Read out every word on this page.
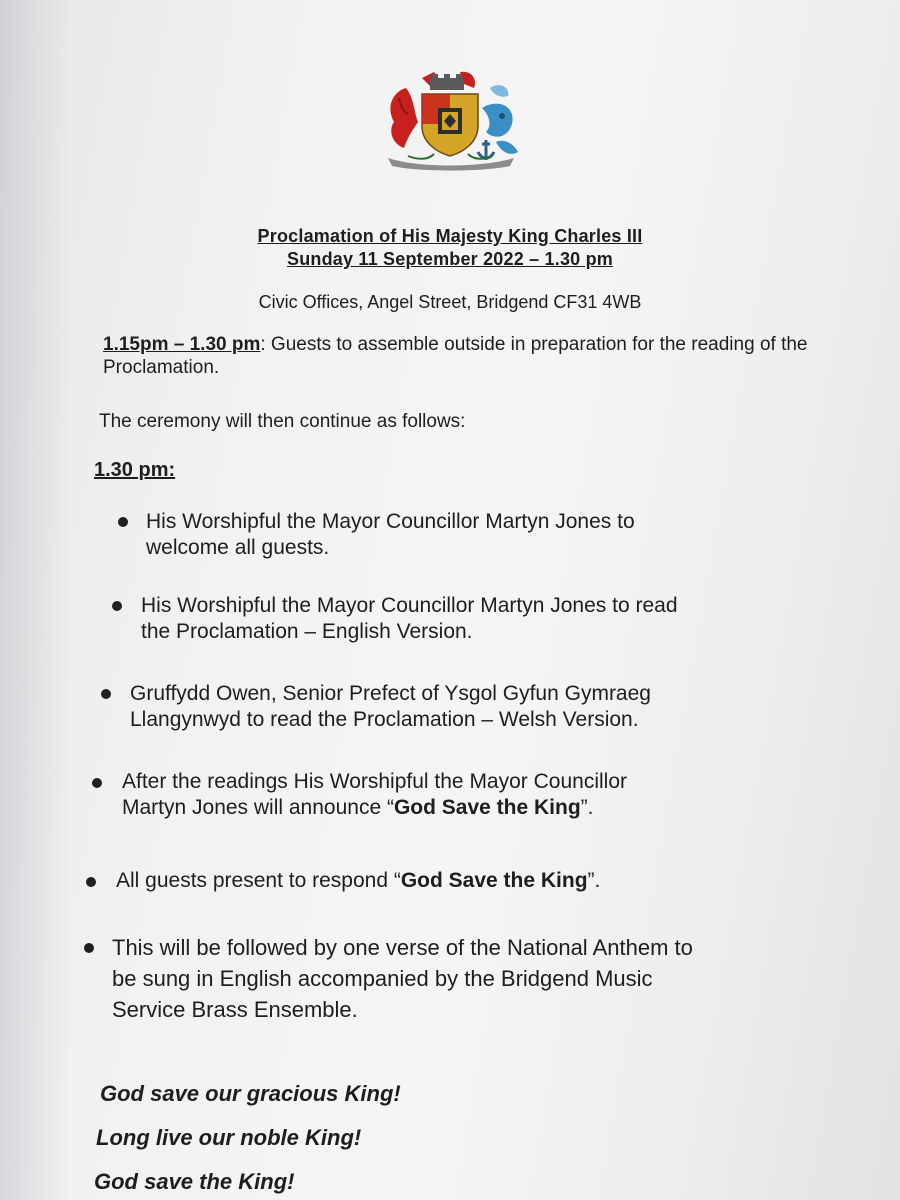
Proclamation of His Majesty King Charles III
Sunday 11 September 2022 – 1.30 pm
Civic Offices, Angel Street, Bridgend CF31 4WB
1.15pm – 1.30 pm: Guests to assemble outside in preparation for the reading of the Proclamation.
The ceremony will then continue as follows:
1.30 pm:
His Worshipful the Mayor Councillor Martyn Jones to
welcome all guests.
His Worshipful the Mayor Councillor Martyn Jones to read
the Proclamation – English Version.
Gruffydd Owen, Senior Prefect of Ysgol Gyfun Gymraeg
Llangynwyd to read the Proclamation – Welsh Version.
After the readings His Worshipful the Mayor Councillor
Martyn Jones will announce “God Save the King”.
All guests present to respond “God Save the King”.
This will be followed by one verse of the National Anthem to
be sung in English accompanied by the Bridgend Music
Service Brass Ensemble.
God save our gracious King!
Long live our noble King!
God save the King!
